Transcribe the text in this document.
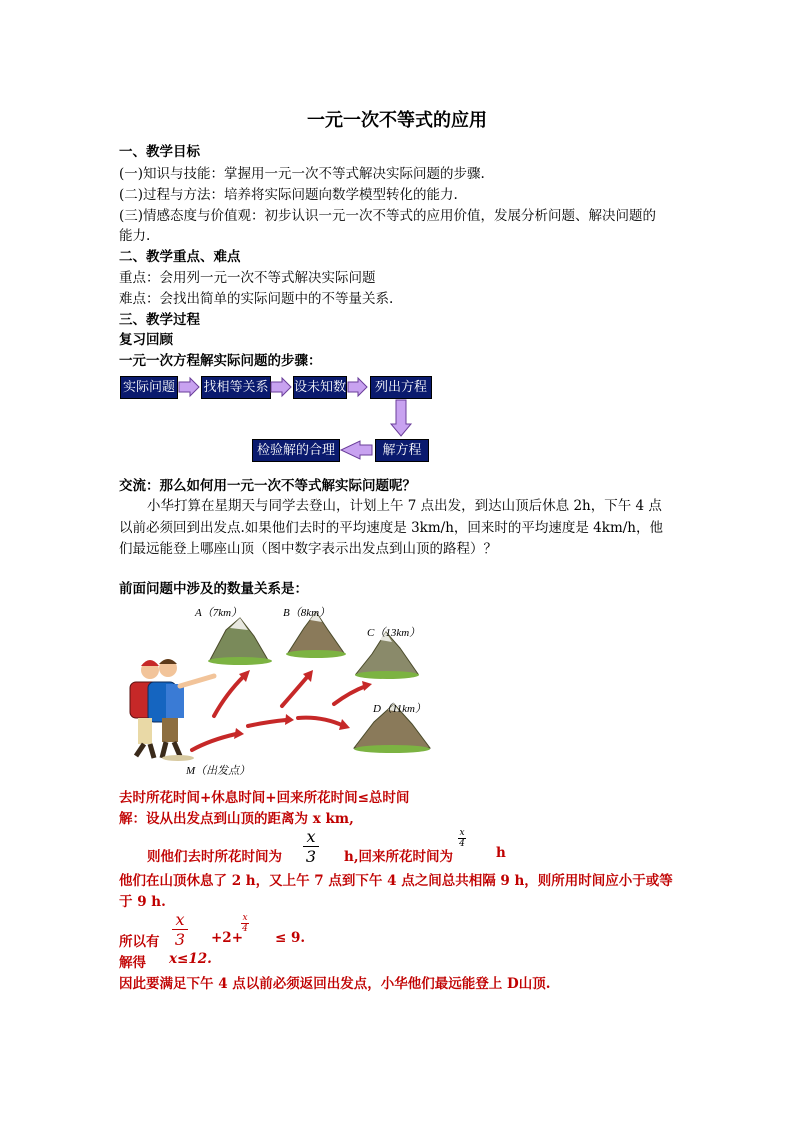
一元一次不等式的应用
一、教学目标
(一)知识与技能：掌握用一元一次不等式解决实际问题的步骤.
(二)过程与方法：培养将实际问题向数学模型转化的能力.
(三)情感态度与价值观：初步认识一元一次不等式的应用价值，发展分析问题、解决问题的
能力.
二、教学重点、难点
重点：会用列一元一次不等式解决实际问题
难点：会找出简单的实际问题中的不等量关系.
三、教学过程
复习回顾
一元一次方程解实际问题的步骤：
实际问题 找相等关系 设未知数	列出方程
解方程
检验解的合理性
交流：那么如何用一元一次不等式解实际问题呢？
小华打算在星期天与同学去登山，计划上午 7 点出发，到达山顶后休息 2h，下午 4 点
以前必须回到出发点.如果他们去时的平均速度是 3km/h，回来时的平均速度是 4km/h，他
们最远能登上哪座山顶（图中数字表示出发点到山顶的路程）？
前面问题中涉及的数量关系是：
A（7km）	B（8km）
C（13km）
D（11km）
M（出发点）
去时所花时间+休息时间+回来所花时间≤总时间
解：设从出发点到山顶的距离为 x km,
则他们去时所花时间为 $\frac{x}{3} h$,回来所花时间为
$\frac{x}{4}$
h
他们在山顶休息了 2 h，又上午 7 点到下午 4 点之间总共相隔 9 h，则所用时间应小于或等
于 9 h.
所以有 $\frac{x}{3} +2+$
$\frac{x}{4}$
≤ 9.
解得 x≤12.
因此要满足下午 4 点以前必须返回出发点，小华他们最远能登上 D山顶.
